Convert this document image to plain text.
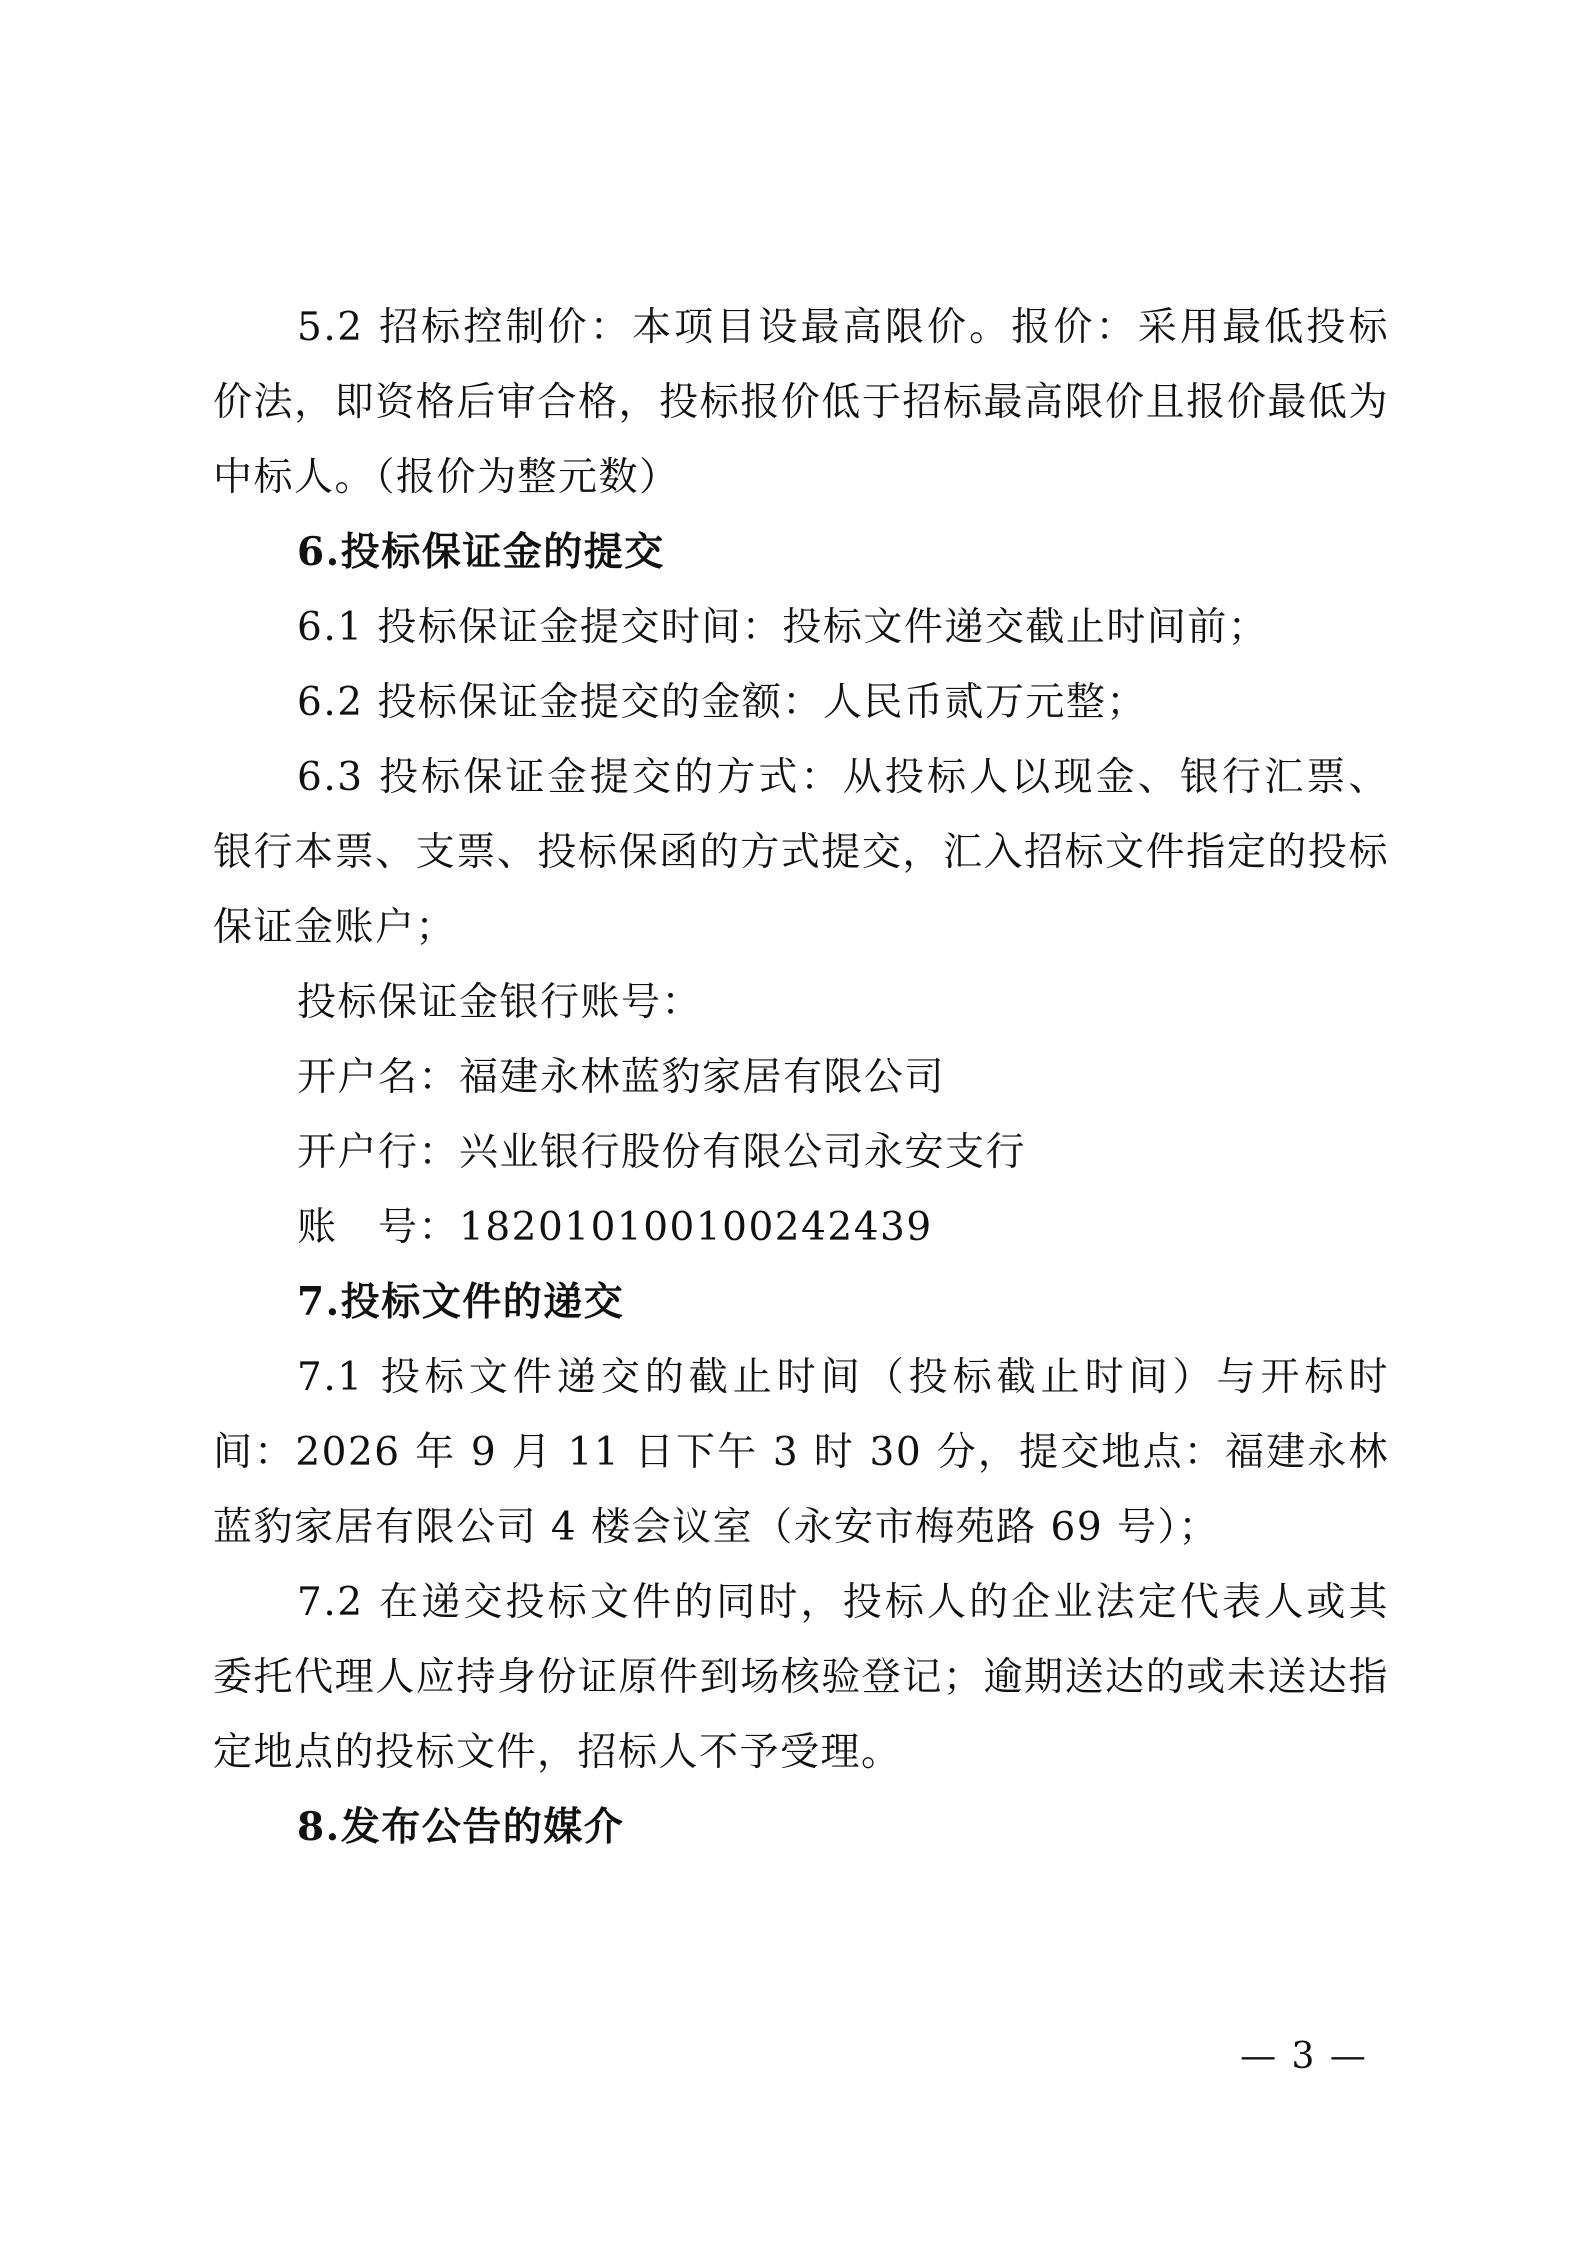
5.2 招标控制价：本项目设最高限价。报价：采用最低投标价法，即资格后审合格，投标报价低于招标最高限价且报价最低为中标人。（报价为整元数）

6.投标保证金的提交

6.1 投标保证金提交时间：投标文件递交截止时间前；

6.2 投标保证金提交的金额：人民币贰万元整；

6.3 投标保证金提交的方式：从投标人以现金、银行汇票、银行本票、支票、投标保函的方式提交，汇入招标文件指定的投标保证金账户；

投标保证金银行账号：

开户名：福建永林蓝豹家居有限公司

开户行：兴业银行股份有限公司永安支行

账　号：182010100100242439

7.投标文件的递交

7.1 投标文件递交的截止时间（投标截止时间）与开标时间：2026 年 9 月 11 日下午 3 时 30 分，提交地点：福建永林蓝豹家居有限公司 4 楼会议室（永安市梅苑路 69 号）；

7.2 在递交投标文件的同时，投标人的企业法定代表人或其委托代理人应持身份证原件到场核验登记；逾期送达的或未送达指定地点的投标文件，招标人不予受理。

8.发布公告的媒介

— 3 —
